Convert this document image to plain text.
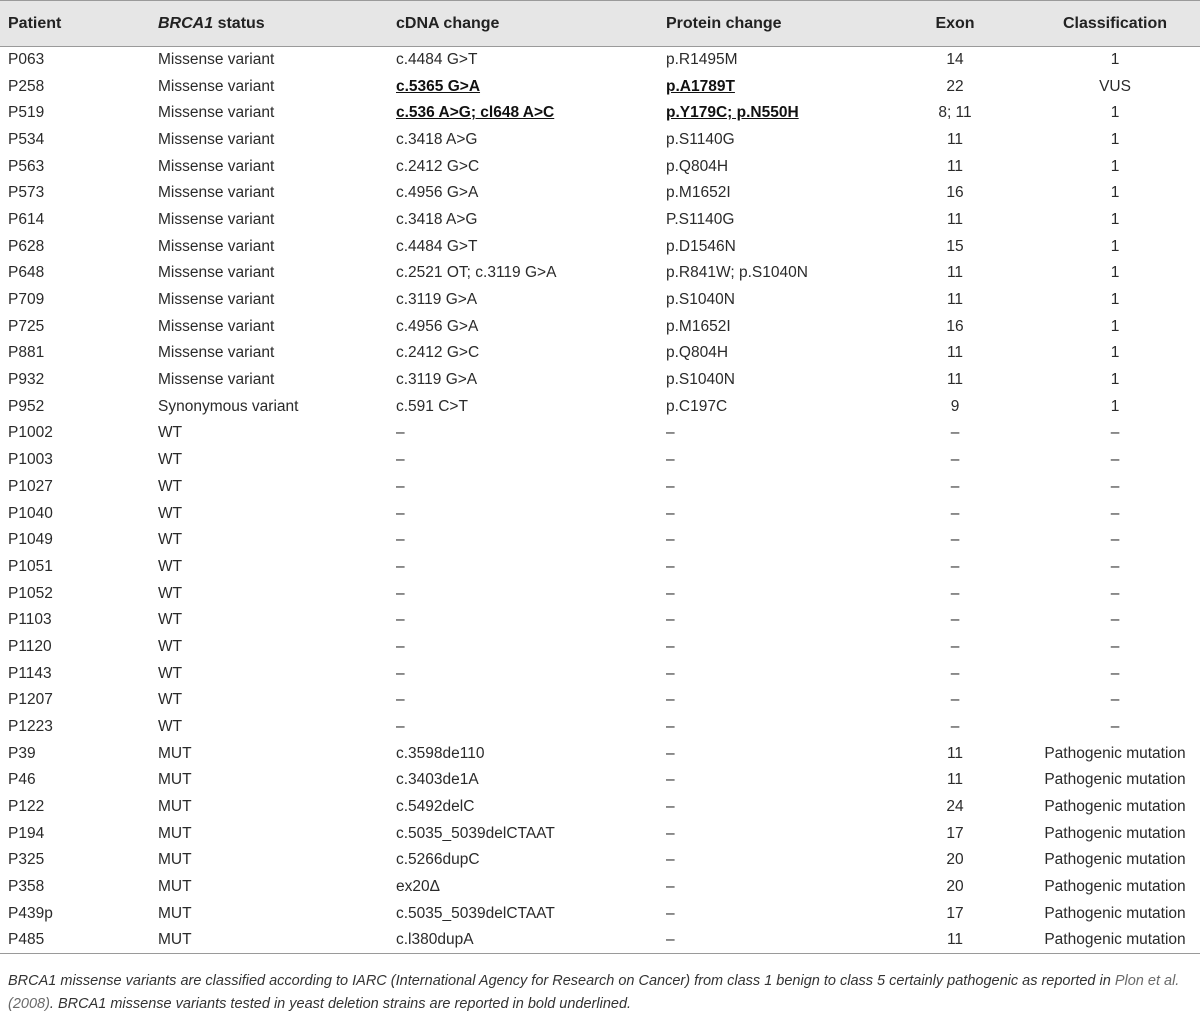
Patient	BRCA1 status	cDNA change	Protein change	Exon	Classification
P063	Missense variant	c.4484 G>T	p.R1495M	14	1
P258	Missense variant	c.5365 G>A	p.A1789T	22	VUS
P519	Missense variant	c.536 A>G; cl648 A>C	p.Y179C; p.N550H	8; 11	1
P534	Missense variant	c.3418 A>G	p.S1140G	11	1
P563	Missense variant	c.2412 G>C	p.Q804H	11	1
P573	Missense variant	c.4956 G>A	p.M1652I	16	1
P614	Missense variant	c.3418 A>G	P.S1140G	11	1
P628	Missense variant	c.4484 G>T	p.D1546N	15	1
P648	Missense variant	c.2521 OT; c.3119 G>A	p.R841W; p.S1040N	11	1
P709	Missense variant	c.3119 G>A	p.S1040N	11	1
P725	Missense variant	c.4956 G>A	p.M1652I	16	1
P881	Missense variant	c.2412 G>C	p.Q804H	11	1
P932	Missense variant	c.3119 G>A	p.S1040N	11	1
P952	Synonymous variant	c.591 C>T	p.C197C	9	1
P1002	WT	–	–	–	–
P1003	WT	–	–	–	–
P1027	WT	–	–	–	–
P1040	WT	–	–	–	–
P1049	WT	–	–	–	–
P1051	WT	–	–	–	–
P1052	WT	–	–	–	–
P1103	WT	–	–	–	–
P1120	WT	–	–	–	–
P1143	WT	–	–	–	–
P1207	WT	–	–	–	–
P1223	WT	–	–	–	–
P39	MUT	c.3598de110	–	11	Pathogenic mutation
P46	MUT	c.3403de1A	–	11	Pathogenic mutation
P122	MUT	c.5492delC	–	24	Pathogenic mutation
P194	MUT	c.5035_5039delCTAAT	–	17	Pathogenic mutation
P325	MUT	c.5266dupC	–	20	Pathogenic mutation
P358	MUT	ex20Δ	–	20	Pathogenic mutation
P439p	MUT	c.5035_5039delCTAAT	–	17	Pathogenic mutation
P485	MUT	c.l380dupA	–	11	Pathogenic mutation
BRCA1 missense variants are classified according to IARC (International Agency for Research on Cancer) from class 1 benign to class 5 certainly pathogenic as reported in Plon et al. (2008). BRCA1 missense variants tested in yeast deletion strains are reported in bold underlined.
